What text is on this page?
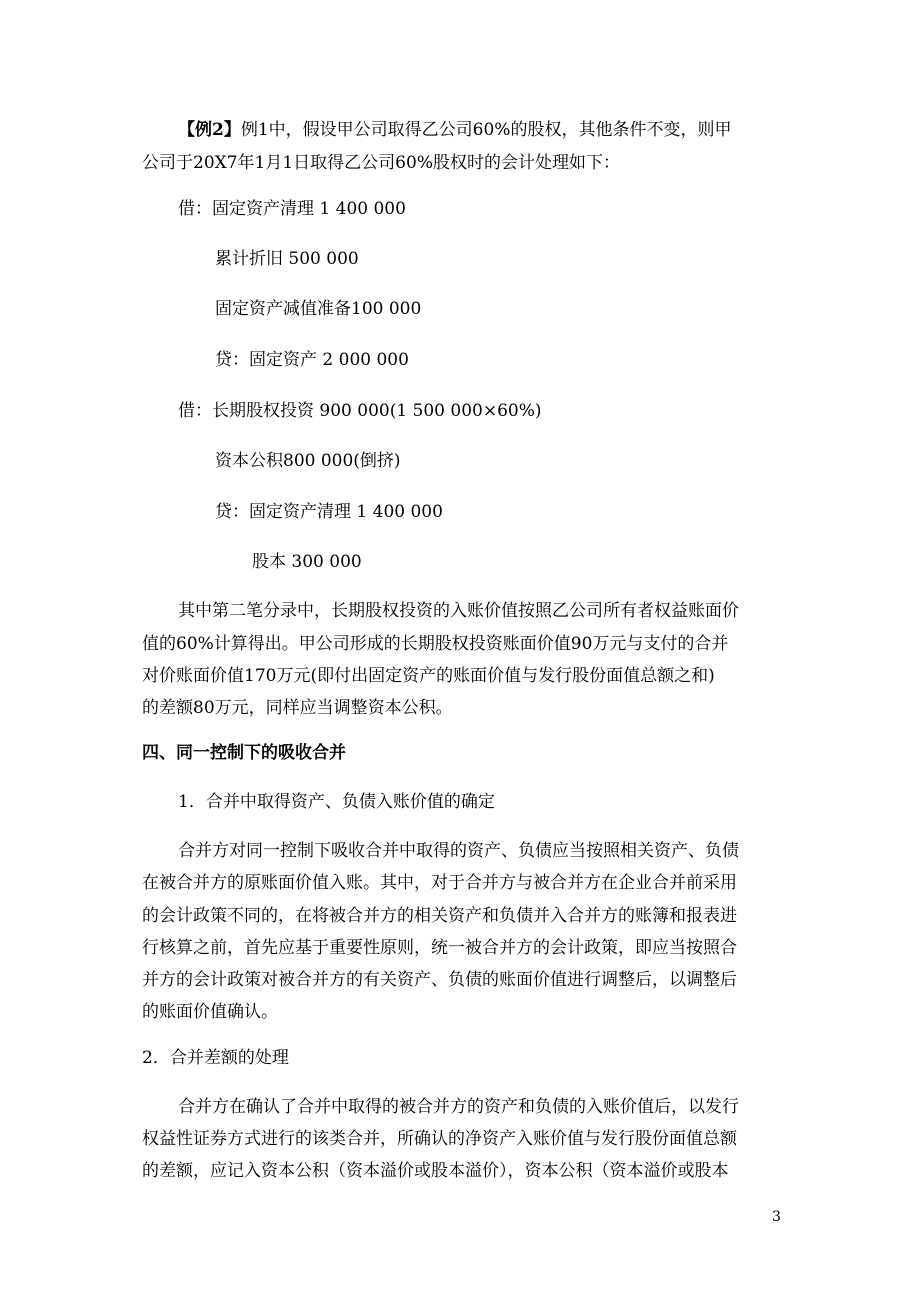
【例2】例1中，假设甲公司取得乙公司60%的股权，其他条件不变，则甲
公司于20X7年1月1日取得乙公司60%股权时的会计处理如下：
借：固定资产清理 1 400 000
累计折旧 500 000
固定资产减值准备100 000
贷：固定资产 2 000 000
借：长期股权投资 900 000(1 500 000×60%)
资本公积800 000(倒挤)
贷：固定资产清理 1 400 000
股本 300 000
其中第二笔分录中，长期股权投资的入账价值按照乙公司所有者权益账面价
值的60%计算得出。甲公司形成的长期股权投资账面价值90万元与支付的合并
对价账面价值170万元(即付出固定资产的账面价值与发行股份面值总额之和)
的差额80万元，同样应当调整资本公积。
四、同一控制下的吸收合并
1．合并中取得资产、负债入账价值的确定
合并方对同一控制下吸收合并中取得的资产、负债应当按照相关资产、负债
在被合并方的原账面价值入账。其中，对于合并方与被合并方在企业合并前采用
的会计政策不同的，在将被合并方的相关资产和负债并入合并方的账簿和报表进
行核算之前，首先应基于重要性原则，统一被合并方的会计政策，即应当按照合
并方的会计政策对被合并方的有关资产、负债的账面价值进行调整后，以调整后
的账面价值确认。
2．合并差额的处理
合并方在确认了合并中取得的被合并方的资产和负债的入账价值后，以发行
权益性证券方式进行的该类合并，所确认的净资产入账价值与发行股份面值总额
的差额，应记入资本公积（资本溢价或股本溢价），资本公积（资本溢价或股本
3
